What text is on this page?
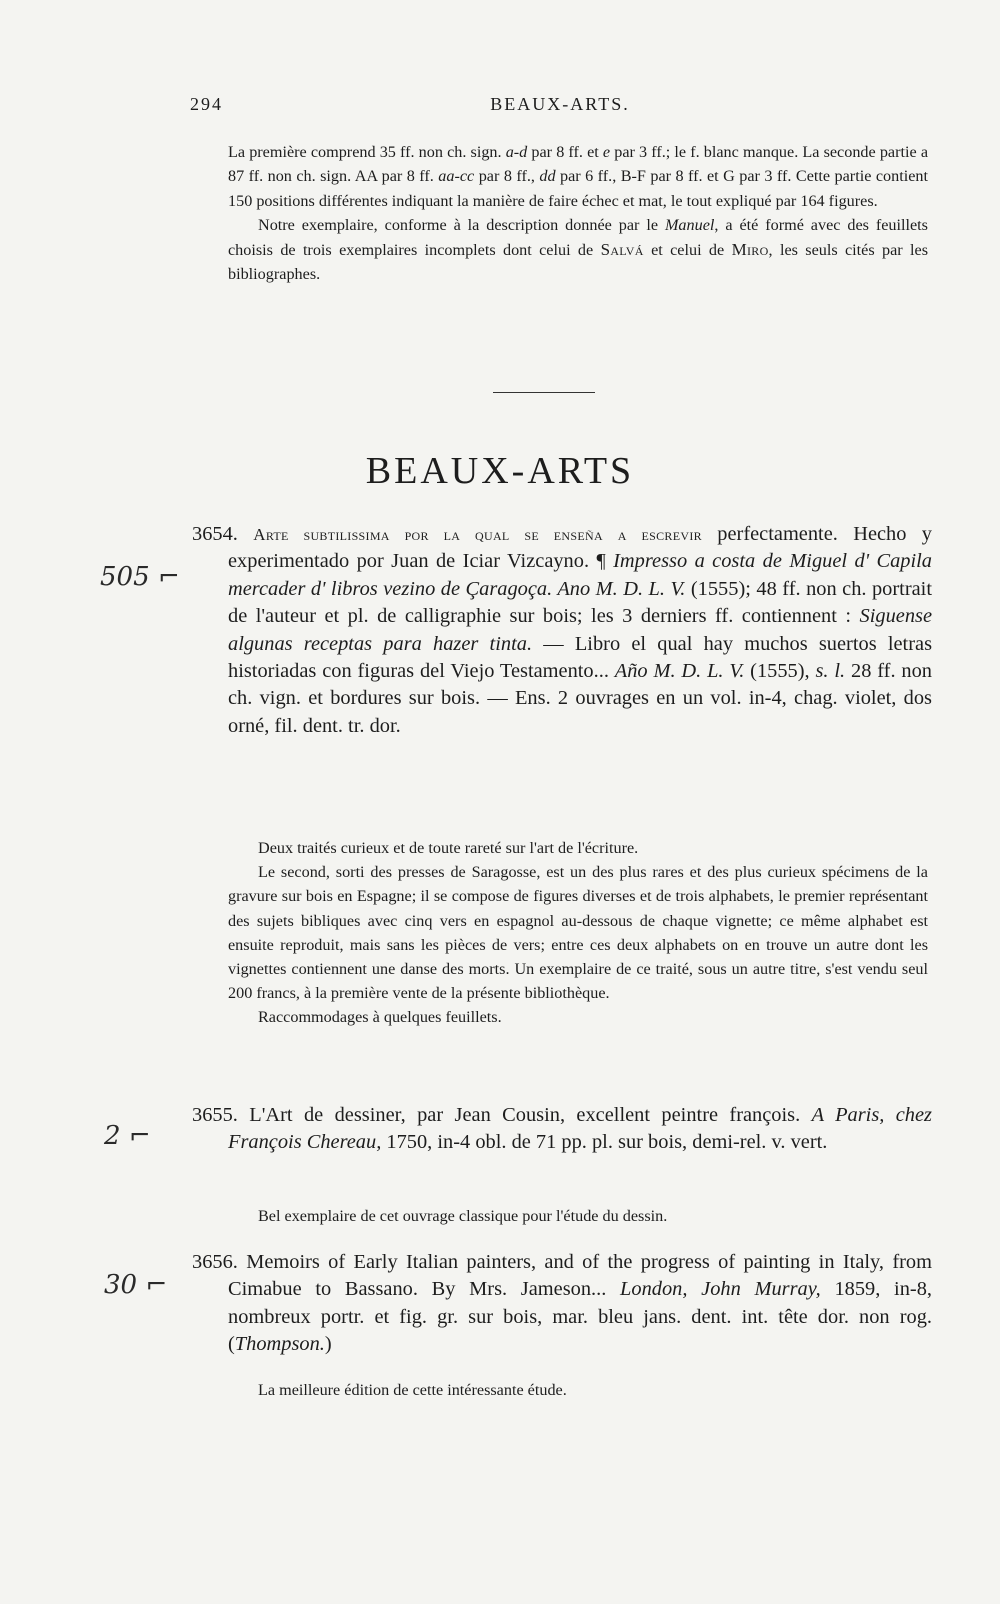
294	BEAUX-ARTS.

La première comprend 35 ff. non ch. sign. a-d par 8 ff. et e par 3 ff.; le f. blanc manque. La seconde partie a 87 ff. non ch. sign. AA par 8 ff. aa-cc par 8 ff., dd par 6 ff., B-F par 8 ff. et G par 3 ff. Cette partie contient 150 positions différentes indiquant la manière de faire échec et mat, le tout expliqué par 164 figures.

Notre exemplaire, conforme à la description donnée par le Manuel, a été formé avec des feuillets choisis de trois exemplaires incomplets dont celui de Salvá et celui de Miro, les seuls cités par les bibliographes.

BEAUX-ARTS

3654. Arte subtilissima por la qual se enseña a escrevir perfectamente. Hecho y experimentado por Juan de Iciar Vizcayno. ¶ Impresso a costa de Miguel d' Capila mercader d' libros vezino de Çaragoça. Ano M. D. L. V. (1555); 48 ff. non ch. portrait de l'auteur et pl. de calligraphie sur bois; les 3 derniers ff. contiennent : Siguense algunas receptas para hazer tinta. — Libro el qual hay muchos suertos letras historiadas con figuras del Viejo Testamento... Año M. D. L. V. (1555), s. l. 28 ff. non ch. vign. et bordures sur bois. — Ens. 2 ouvrages en un vol. in-4, chag. violet, dos orné, fil. dent. tr. dor.

Deux traités curieux et de toute rareté sur l'art de l'écriture.

Le second, sorti des presses de Saragosse, est un des plus rares et des plus curieux spécimens de la gravure sur bois en Espagne; il se compose de figures diverses et de trois alphabets, le premier représentant des sujets bibliques avec cinq vers en espagnol au-dessous de chaque vignette; ce même alphabet est ensuite reproduit, mais sans les pièces de vers; entre ces deux alphabets on en trouve un autre dont les vignettes contiennent une danse des morts. Un exemplaire de ce traité, sous un autre titre, s'est vendu seul 200 francs, à la première vente de la présente bibliothèque.

Raccommodages à quelques feuillets.

505 ⌐

3655. L'Art de dessiner, par Jean Cousin, excellent peintre françois. A Paris, chez François Chereau, 1750, in-4 obl. de 71 pp. pl. sur bois, demi-rel. v. vert.

Bel exemplaire de cet ouvrage classique pour l'étude du dessin.

2 ⌐

3656. Memoirs of Early Italian painters, and of the progress of painting in Italy, from Cimabue to Bassano. By Mrs. Jameson... London, John Murray, 1859, in-8, nombreux portr. et fig. gr. sur bois, mar. bleu jans. dent. int. tête dor. non rog. (Thompson.)

La meilleure édition de cette intéressante étude.

30 ⌐
